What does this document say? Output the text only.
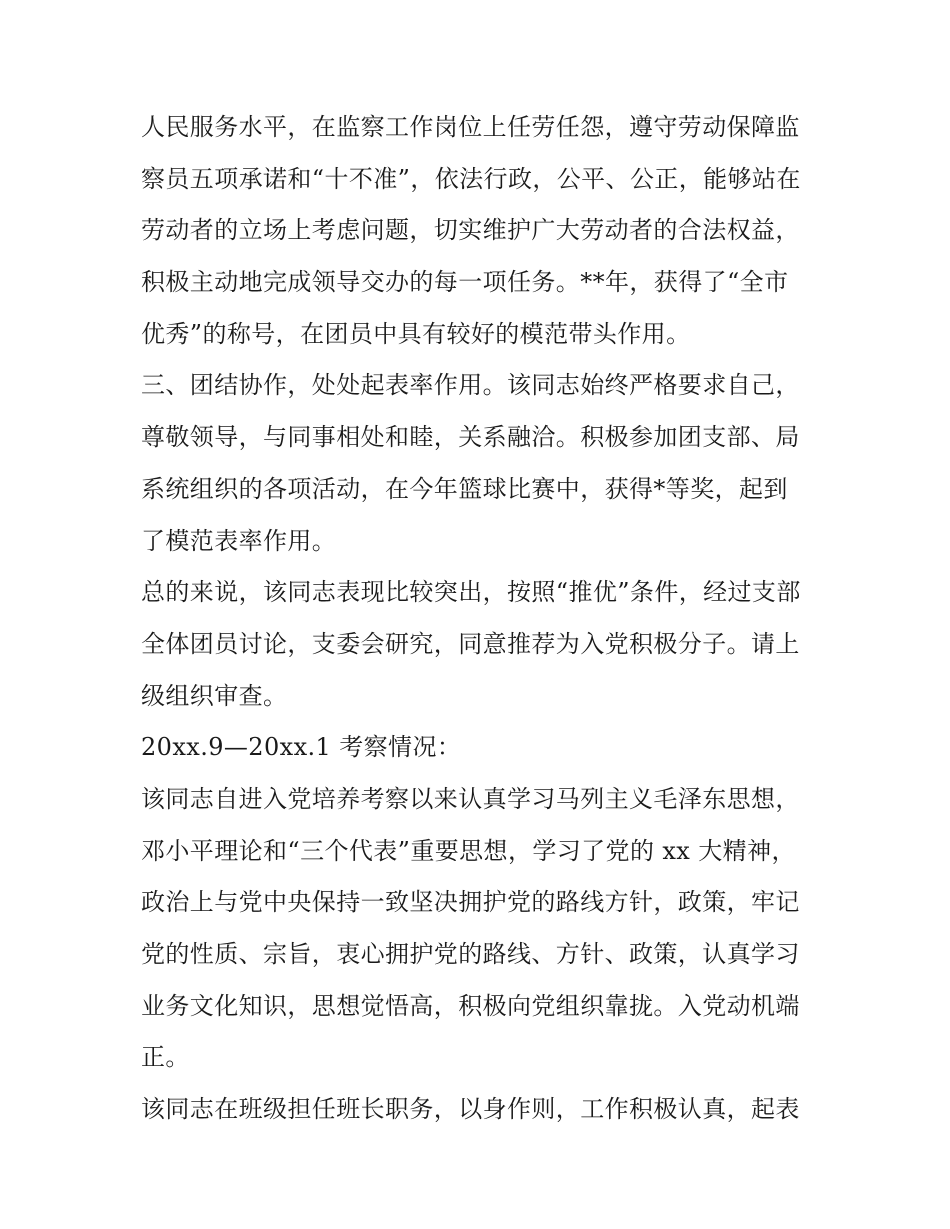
人民服务水平，在监察工作岗位上任劳任怨，遵守劳动保障监
察员五项承诺和“十不准”，依法行政，公平、公正，能够站在
劳动者的立场上考虑问题，切实维护广大劳动者的合法权益，
积极主动地完成领导交办的每一项任务。**年，获得了“全市
优秀”的称号，在团员中具有较好的模范带头作用。
三、团结协作，处处起表率作用。该同志始终严格要求自己，
尊敬领导，与同事相处和睦，关系融洽。积极参加团支部、局
系统组织的各项活动，在今年篮球比赛中，获得*等奖，起到
了模范表率作用。
总的来说，该同志表现比较突出，按照“推优”条件，经过支部
全体团员讨论，支委会研究，同意推荐为入党积极分子。请上
级组织审查。
20xx.9—20xx.1 考察情况：
该同志自进入党培养考察以来认真学习马列主义毛泽东思想，
邓小平理论和“三个代表”重要思想，学习了党的 xx 大精神，
政治上与党中央保持一致坚决拥护党的路线方针，政策，牢记
党的性质、宗旨，衷心拥护党的路线、方针、政策，认真学习
业务文化知识，思想觉悟高，积极向党组织靠拢。入党动机端
正。
该同志在班级担任班长职务，以身作则，工作积极认真，起表
